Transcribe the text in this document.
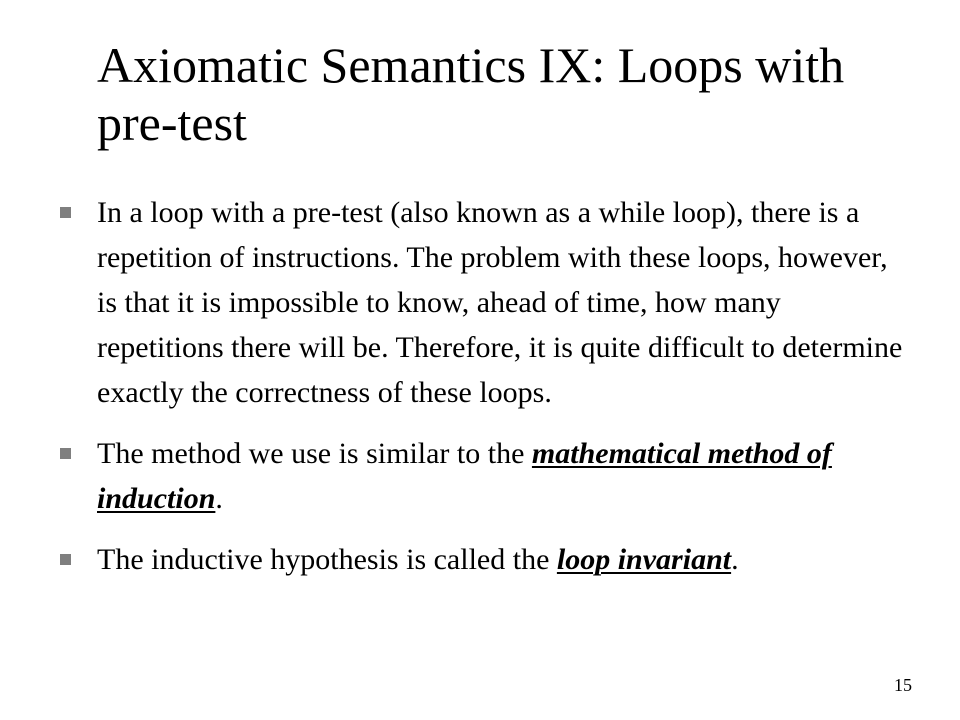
Axiomatic Semantics IX: Loops with pre-test
In a loop with a pre-test (also known as a while loop), there is a repetition of instructions. The problem with these loops, however, is that it is impossible to know, ahead of time, how many repetitions there will be. Therefore, it is quite difficult to determine exactly the correctness of these loops.
The method we use is similar to the mathematical method of induction.
The inductive hypothesis is called the loop invariant.
15
